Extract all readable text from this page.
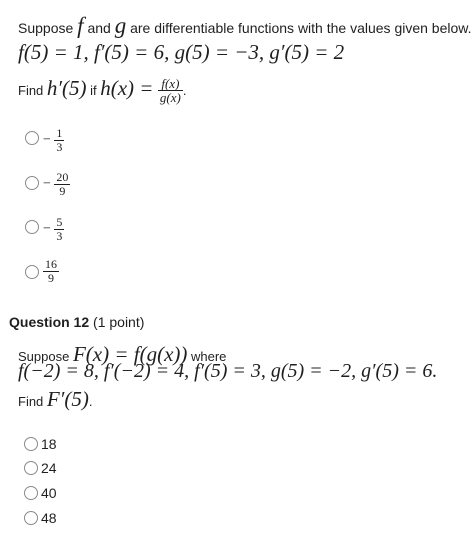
Suppose f and g are differentiable functions with the values given below.
f(5) = 1, f′(5) = 6, g(5) = −3, g′(5) = 2
Find h′(5) if $h(x) = \frac{f(x)}{g(x)}$ .
− $\frac{1}{3}$
− $\frac{20}{9}$
− $\frac{5}{3}$
$\frac{16}{9}$
Question 12 (1 point)
Suppose F(x) = f(g(x)) where
f(−2) = 8, f′(−2) = 4, f′(5) = 3, g(5) = −2, g′(5) = 6.
Find F′(5).
18
24
40
48
